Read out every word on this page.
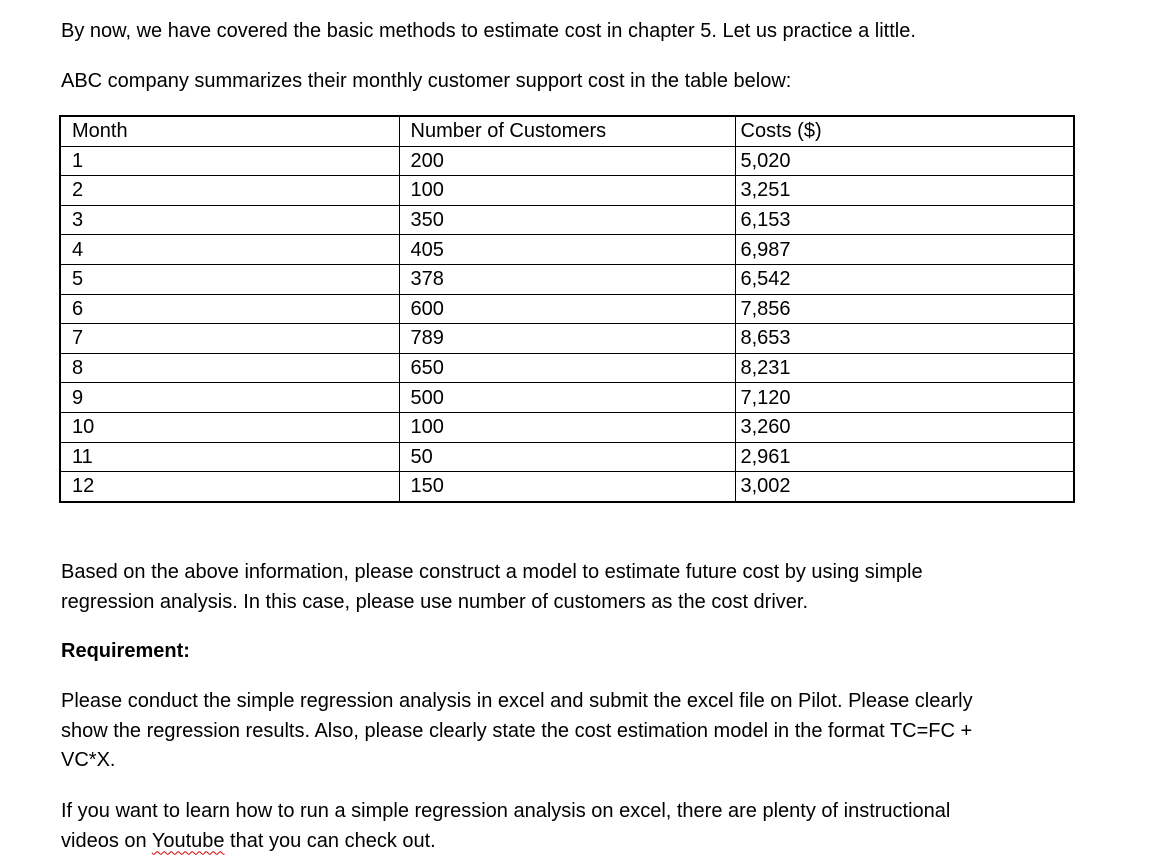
By now, we have covered the basic methods to estimate cost in chapter 5. Let us practice a little.

ABC company summarizes their monthly customer support cost in the table below:

Month	Number of Customers	Costs ($)
1	200	5,020
2	100	3,251
3	350	6,153
4	405	6,987
5	378	6,542
6	600	7,856
7	789	8,653
8	650	8,231
9	500	7,120
10	100	3,260
11	50	2,961
12	150	3,002
Based on the above information, please construct a model to estimate future cost by using simple
regression analysis. In this case, please use number of customers as the cost driver.
Requirement:
Please conduct the simple regression analysis in excel and submit the excel file on Pilot. Please clearly
show the regression results. Also, please clearly state the cost estimation model in the format TC=FC +
VC*X.
If you want to learn how to run a simple regression analysis on excel, there are plenty of instructional
videos on Youtube that you can check out.
